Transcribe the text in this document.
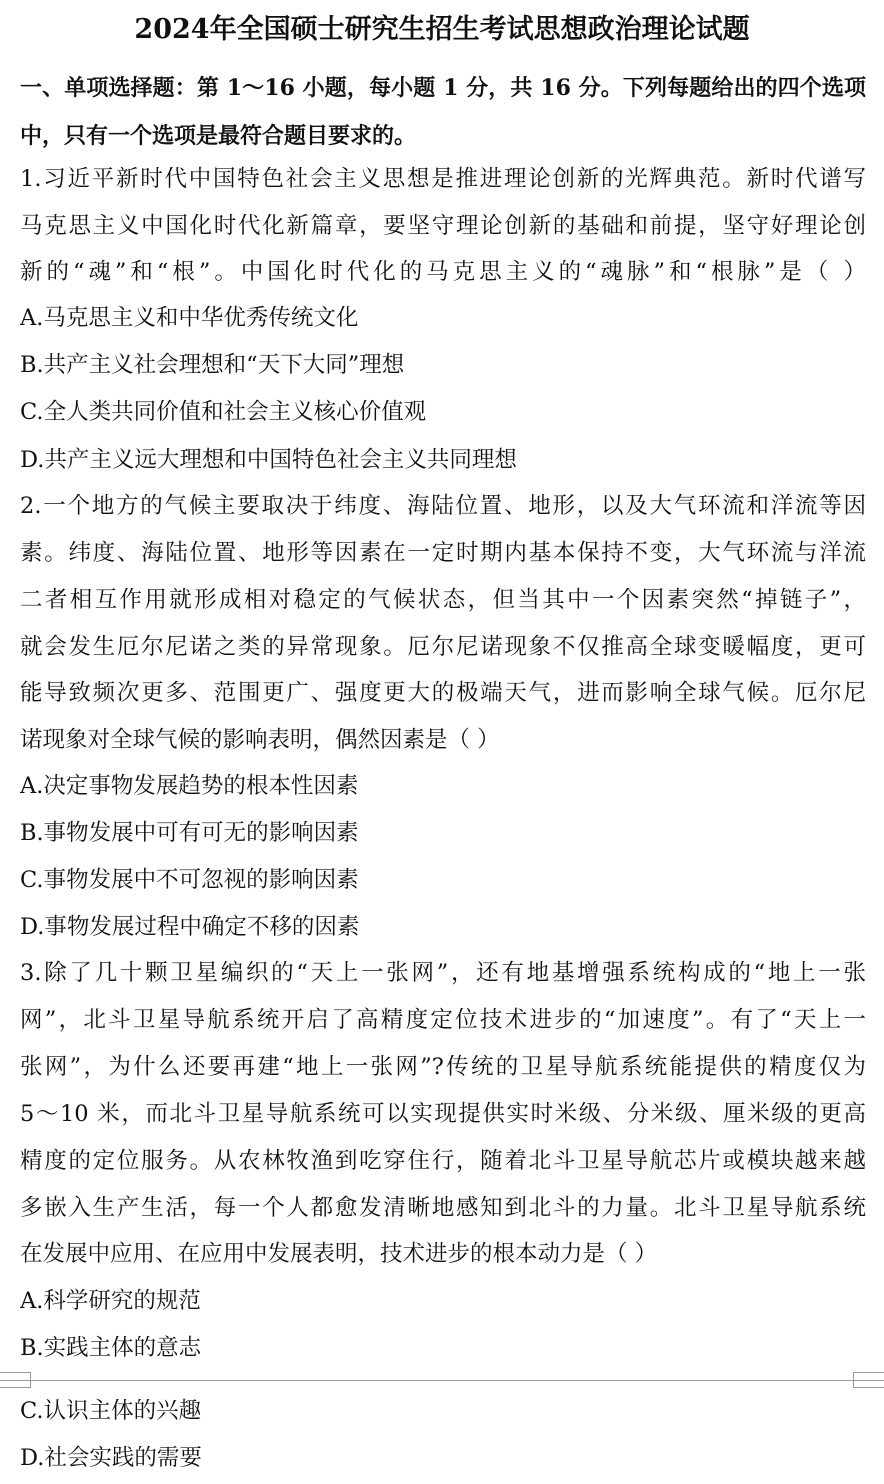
2024年全国硕士研究生招生考试思想政治理论试题
一、单项选择题：第 1～16 小题，每小题 1 分，共 16 分。下列每题给出的四个选项中，只有一个选项是最符合题目要求的。
1.习近平新时代中国特色社会主义思想是推进理论创新的光辉典范。新时代谱写
马克思主义中国化时代化新篇章，要坚守理论创新的基础和前提，坚守好理论创
新的“魂”和“根”。中国化时代化的马克思主义的“魂脉”和“根脉”是（ ）
A.马克思主义和中华优秀传统文化
B.共产主义社会理想和“天下大同”理想
C.全人类共同价值和社会主义核心价值观
D.共产主义远大理想和中国特色社会主义共同理想
2.一个地方的气候主要取决于纬度、海陆位置、地形，以及大气环流和洋流等因
素。纬度、海陆位置、地形等因素在一定时期内基本保持不变，大气环流与洋流
二者相互作用就形成相对稳定的气候状态，但当其中一个因素突然“掉链子”，
就会发生厄尔尼诺之类的异常现象。厄尔尼诺现象不仅推高全球变暖幅度，更可
能导致频次更多、范围更广、强度更大的极端天气，进而影响全球气候。厄尔尼
诺现象对全球气候的影响表明，偶然因素是（ ）
A.决定事物发展趋势的根本性因素
B.事物发展中可有可无的影响因素
C.事物发展中不可忽视的影响因素
D.事物发展过程中确定不移的因素
3.除了几十颗卫星编织的“天上一张网”，还有地基增强系统构成的“地上一张
网”，北斗卫星导航系统开启了高精度定位技术进步的“加速度”。有了“天上一
张网”，为什么还要再建“地上一张网”?传统的卫星导航系统能提供的精度仅为
5～10 米，而北斗卫星导航系统可以实现提供实时米级、分米级、厘米级的更高
精度的定位服务。从农林牧渔到吃穿住行，随着北斗卫星导航芯片或模块越来越
多嵌入生产生活，每一个人都愈发清晰地感知到北斗的力量。北斗卫星导航系统
在发展中应用、在应用中发展表明，技术进步的根本动力是（ ）
A.科学研究的规范
B.实践主体的意志
C.认识主体的兴趣
D.社会实践的需要
